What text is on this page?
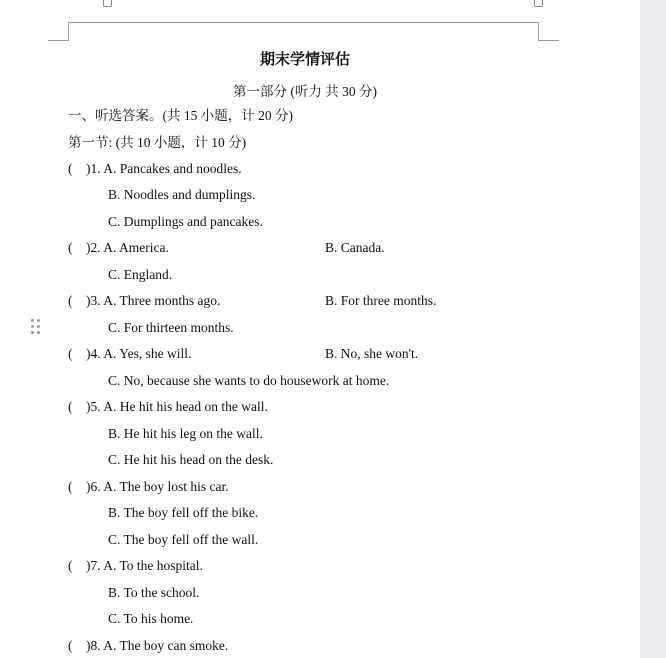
期末学情评估
第一部分 (听力 共 30 分)
一、听选答案。(共 15 小题，计 20 分)
第一节: (共 10 小题，计 10 分)
(    )1. A. Pancakes and noodles.
B. Noodles and dumplings.
C. Dumplings and pancakes.
(    )2. A. America.	B. Canada.
C. England.
(    )3. A. Three months ago.	B. For three months.
C. For thirteen months.
(    )4. A. Yes, she will.	B. No, she won't.
C. No, because she wants to do housework at home.
(    )5. A. He hit his head on the wall.
B. He hit his leg on the wall.
C. He hit his head on the desk.
(    )6. A. The boy lost his car.
B. The boy fell off the bike.
C. The boy fell off the wall.
(    )7. A. To the hospital.
B. To the school.
C. To his home.
(    )8. A. The boy can smoke.
